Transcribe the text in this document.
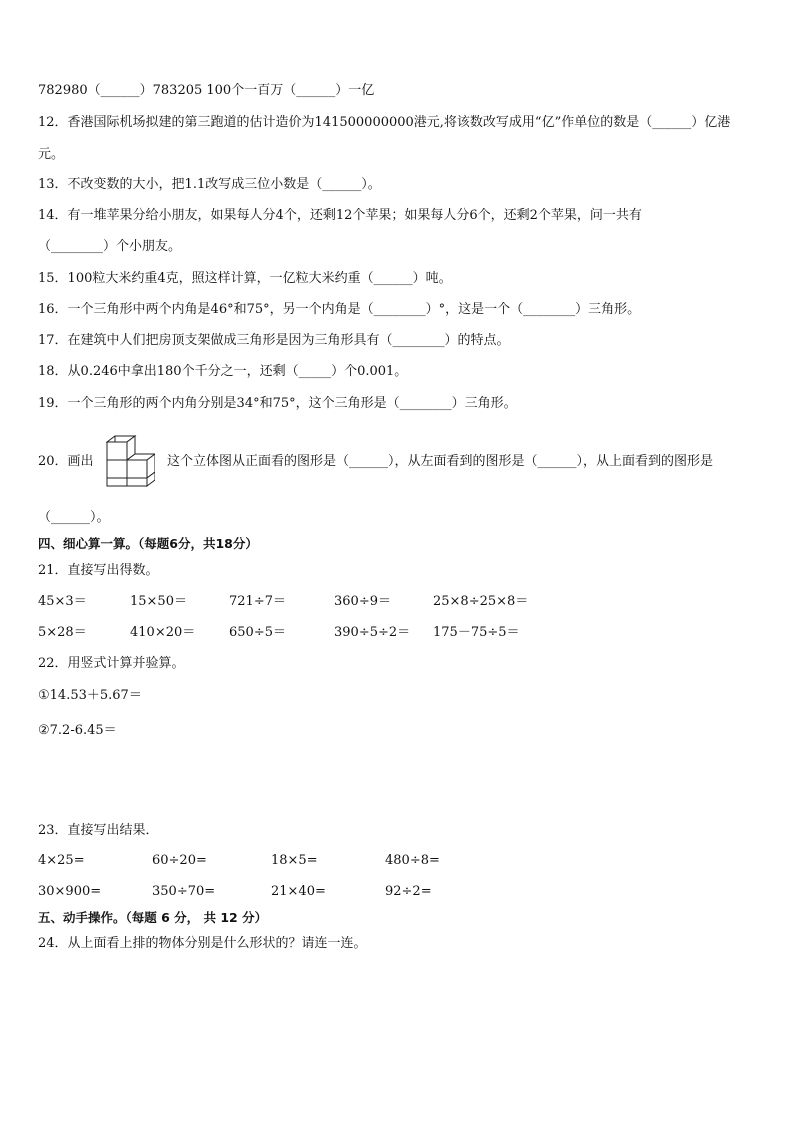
782980（______）783205 100个一百万（______）一亿
12．香港国际机场拟建的第三跑道的估计造价为141500000000港元,将该数改写成用“亿”作单位的数是（______）亿港
元。
13．不改变数的大小，把1.1改写成三位小数是（______）。
14．有一堆苹果分给小朋友，如果每人分4个，还剩12个苹果；如果每人分6个，还剩2个苹果，问一共有
（________）个小朋友。
15．100粒大米约重4克，照这样计算，一亿粒大米约重（______）吨。
16．一个三角形中两个内角是46°和75°，另一个内角是（________）°，这是一个（________）三角形。
17．在建筑中人们把房顶支架做成三角形是因为三角形具有（________）的特点。
18．从0.246中拿出180个千分之一，还剩（_____）个0.001。
19．一个三角形的两个内角分别是34°和75°，这个三角形是（________）三角形。
20．画出	这个立体图从正面看的图形是（______），从左面看到的图形是（______），从上面看到的图形是
（______）。
四、细心算一算。（每题6分，共18分）
21．直接写出得数。
45×3＝	15×50＝	721÷7＝	360÷9＝	25×8÷25×8＝
5×28＝	410×20＝	650÷5＝	390÷5÷2＝ 175－75÷5＝
22．用竖式计算并验算。
①14.53＋5.67＝
②7.2-6.45＝
23．直接写出结果．
4×25=	60÷20=	18×5=	480÷8=
30×900=	350÷70=	21×40=	92÷2=
五、动手操作。（每题 6 分， 共 12 分）
24．从上面看上排的物体分别是什么形状的？请连一连。
